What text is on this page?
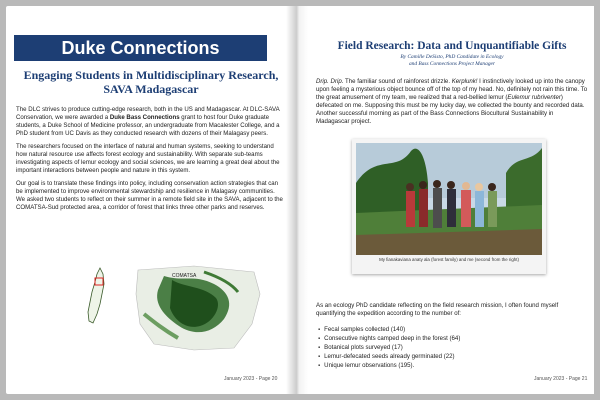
Duke Connections
Engaging Students in Multidisciplinary Research, SAVA Madagascar

The DLC strives to produce cutting-edge research, both in the US and Madagascar. At DLC-SAVA Conservation, we were awarded a Duke Bass Connections grant to host four Duke graduate students, a Duke School of Medicine professor, an undergraduate from Macalester College, and a PhD student from UC Davis as they conducted research with dozens of their Malagasy peers.

The researchers focused on the interface of natural and human systems, seeking to understand how natural resource use affects forest ecology and sustainability. With separate sub-teams investigating aspects of lemur ecology and social sciences, we are learning a great deal about the important interactions between people and nature in this system.

Our goal is to translate these findings into policy, including conservation action strategies that can be implemented to improve environmental stewardship and resilience in Malagasy communities. We asked two students to reflect on their summer in a remote field site in the SAVA, adjacent to the COMATSA-Sud protected area, a corridor of forest that links three other parks and reserves.

COMATSA
January 2023 - Page 20
Field Research: Data and Unquantifiable Gifts
By Camille DeSisto, PhD Candidate in Ecology
and Bass Connections Project Manager
Drip. Drip. The familiar sound of rainforest drizzle. Kerplunk! I instinctively looked up into the canopy upon feeling a mysterious object bounce off of the top of my head. No, definitely not rain this time. To the great amusement of my team, we realized that a red-bellied lemur (Eulemur rubriventer) defecated on me. Supposing this must be my lucky day, we collected the bounty and recorded data. Another successful morning as part of the Bass Connections Biocultural Sustainability in Madagascar project.
My fianakaviana anaty ala (forest family) and me (second from the right)
As an ecology PhD candidate reflecting on the field research mission, I often found myself quantifying the expedition according to the number of:
▪ Fecal samples collected (140)
▪ Consecutive nights camped deep in the forest (64)
▪ Botanical plots surveyed (17)
▪ Lemur-defecated seeds already germinated (22)
▪ Unique lemur observations (195).
January 2023 - Page 21
